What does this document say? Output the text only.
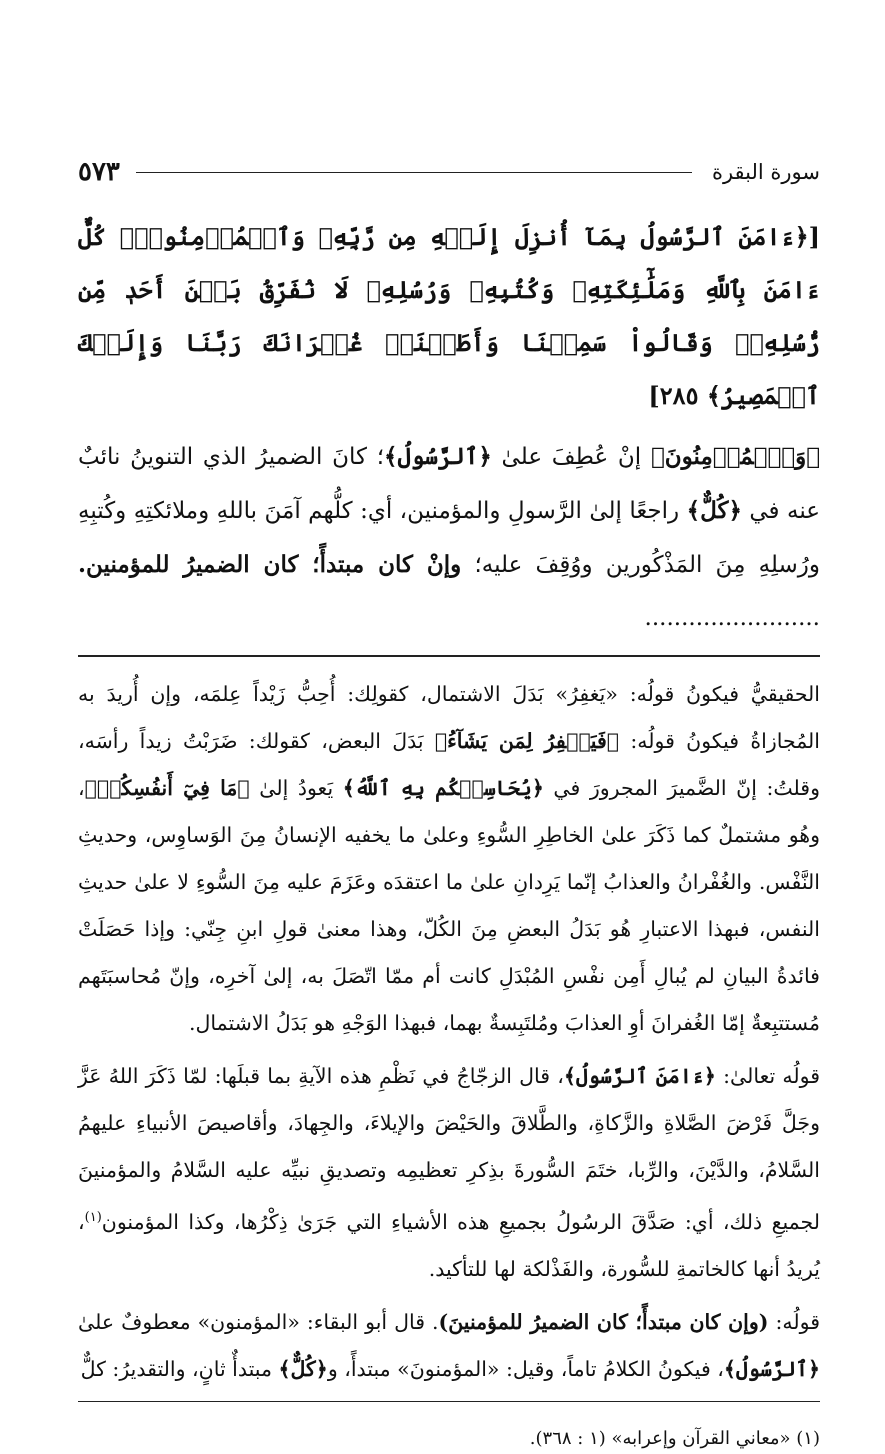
سورة البقرة
٥٧٣
[﴿ءَامَنَ ٱلرَّسُولُ بِمَآ أُنزِلَ إِلَيۡهِ مِن رَّبِّهِۦ وَٱلۡمُؤۡمِنُونَۚ كُلٌّ ءَامَنَ بِٱللَّهِ وَمَلَٰٓئِكَتِهِۦ وَكُتُبِهِۦ وَرُسُلِهِۦ لَا نُفَرِّقُ بَيۡنَ أَحَدٖ مِّن رُّسُلِهِۦۚ وَقَالُواْ سَمِعۡنَا وَأَطَعۡنَاۖ غُفۡرَانَكَ رَبَّنَا وَإِلَيۡكَ ٱلۡمَصِيرُ﴾ ٢٨٥]
﴿وَٱلۡمُؤۡمِنُونَ﴾ إنْ عُطِفَ علىٰ ﴿ٱلرَّسُولُ﴾؛ كانَ الضميرُ الذي التنوينُ نائبٌ عنه في ﴿كُلٌّ﴾ راجعًا إلىٰ الرَّسولِ والمؤمنين، أي: كلُّهم آمَنَ باللهِ وملائكتِهِ وكُتبِهِ ورُسلِهِ مِنَ المَذْكُورين ووُقِفَ عليه؛ وإنْ كان مبتدأً؛ كان الضميرُ للمؤمنين. ........................

الحقيقيُّ فيكونُ قولُه: «يَغفِرُ» بَدَلَ الاشتمال، كقولِك: أُحِبُّ زَيْداً عِلمَه، وإن أُريدَ به المُجازاةُ فيكونُ قولُه: ﴿فَيَغۡفِرُ لِمَن يَشَآءُ﴾ بَدَلَ البعض، كقولك: ضَرَبْتُ زيداً رأسَه، وقلتُ: إنّ الضَّميرَ المجرورَ في ﴿يُحَاسِبۡكُم بِهِ ٱللَّهُ﴾ يَعودُ إلىٰ ﴿مَا فِيٓ أَنفُسِكُمۡ﴾، وهُو مشتملٌ كما ذَكَرَ علىٰ الخاطِرِ السُّوءِ وعلىٰ ما يخفيه الإنسانُ مِنَ الوَساوِس، وحديثِ النَّفْس. والغُفْرانُ والعذابُ إنّما يَرِدانِ علىٰ ما اعتقدَه وعَزَمَ عليه مِنَ السُّوءِ لا علىٰ حديثِ النفس، فبهذا الاعتبارِ هُو بَدَلُ البعضِ مِنَ الكُلّ، وهذا معنىٰ قولِ ابنِ جِنّي: وإذا حَصَلَتْ فائدةُ البيانِ لم يُبالِ أَمِن نفْسِ المُبْدَلِ كانت أم ممّا اتّصَلَ به، إلىٰ آخرِه، وإنّ مُحاسبَتَهم مُستتبِعةٌ إمّا الغُفرانَ أوِ العذابَ ومُلتَبِسةٌ بهما، فبهذا الوَجْهِ هو بَدَلُ الاشتمال.

قولُه تعالىٰ: ﴿ءَامَنَ ٱلرَّسُولُ﴾، قال الزجّاجُ في نَظْمِ هذه الآيةِ بما قبلَها: لمّا ذَكَرَ اللهُ عَزَّ وجَلَّ فَرْضَ الصَّلاةِ والزَّكاةِ، والطَّلاقَ والحَيْضَ والإيلاءَ، والجِهادَ، وأقاصيصَ الأنبياءِ عليهمُ السَّلامُ، والدَّيْنَ، والرِّبا، ختَمَ السُّورةَ بذِكرِ تعظيمِه وتصديقِ نبيِّه عليه السَّلامُ والمؤمنينَ لجميعِ ذلك، أي: صَدَّقَ الرسُولُ بجميعِ هذه الأشياءِ التي جَرَىٰ ذِكْرُها، وكذا المؤمنون$^{(١)}$، يُريدُ أنها كالخاتمةِ للسُّورة، والفَذْلكة لها للتأكيد.

قولُه: (وإن كان مبتدأً؛ كان الضميرُ للمؤمنينَ). قال أبو البقاء: «المؤمنون» معطوفٌ علىٰ ﴿ٱلرَّسُولُ﴾، فيكونُ الكلامُ تاماً، وقيل: «المؤمنونَ» مبتدأً، و﴿كُلٌّ﴾ مبتدأٌ ثانٍ، والتقديرُ: كلٌّ

(١) «معاني القرآن وإعرابه» (١ : ٣٦٨).
